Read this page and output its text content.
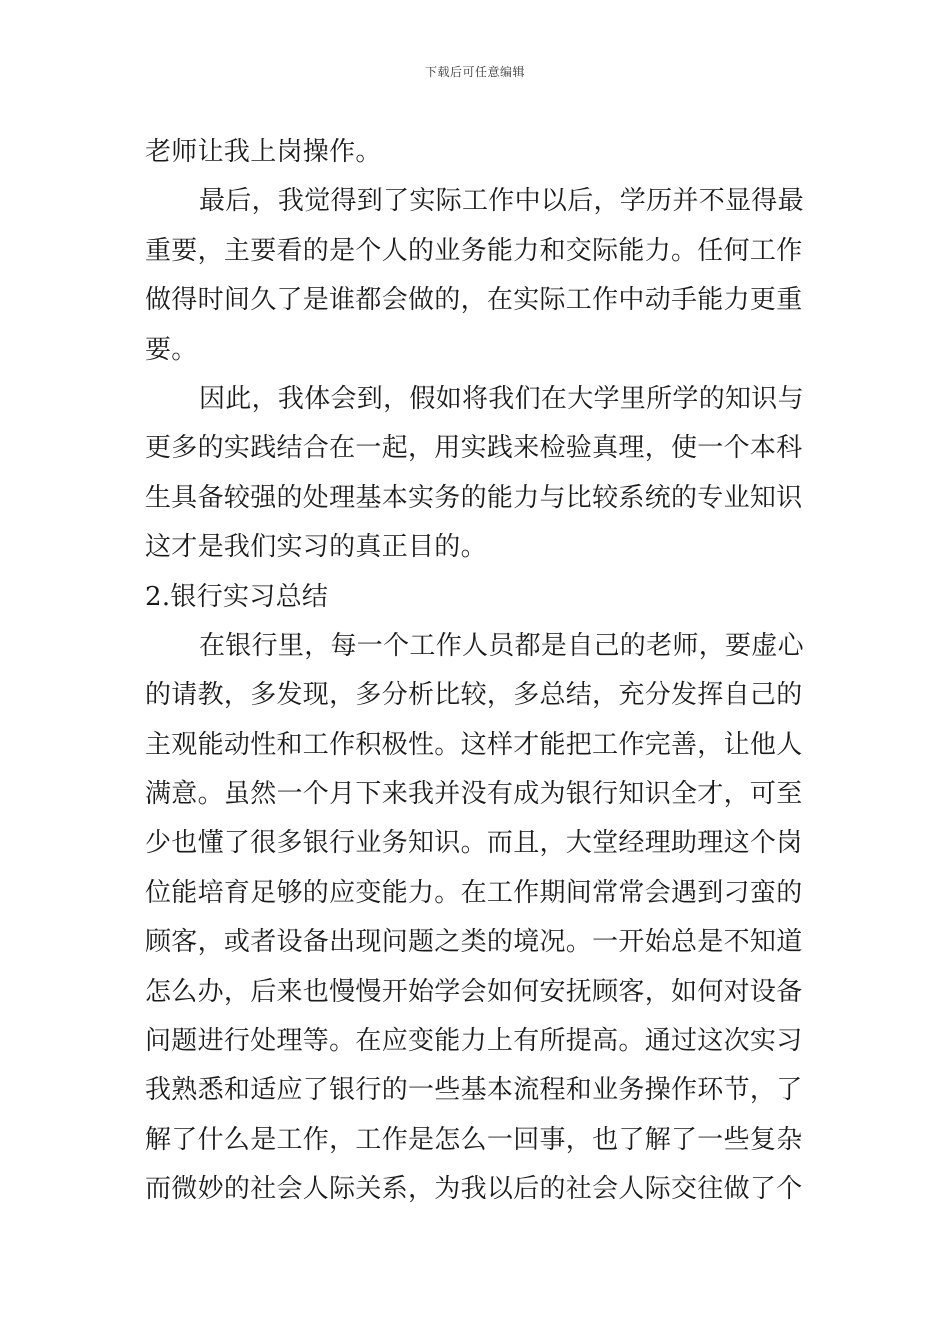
下载后可任意编辑
老师让我上岗操作。
最后，我觉得到了实际工作中以后，学历并不显得最
重要，主要看的是个人的业务能力和交际能力。任何工作
做得时间久了是谁都会做的，在实际工作中动手能力更重
要。
因此，我体会到，假如将我们在大学里所学的知识与
更多的实践结合在一起，用实践来检验真理，使一个本科
生具备较强的处理基本实务的能力与比较系统的专业知识
这才是我们实习的真正目的。
2.银行实习总结
在银行里，每一个工作人员都是自己的老师，要虚心
的请教，多发现，多分析比较，多总结，充分发挥自己的
主观能动性和工作积极性。这样才能把工作完善，让他人
满意。虽然一个月下来我并没有成为银行知识全才，可至
少也懂了很多银行业务知识。而且，大堂经理助理这个岗
位能培育足够的应变能力。在工作期间常常会遇到刁蛮的
顾客，或者设备出现问题之类的境况。一开始总是不知道
怎么办，后来也慢慢开始学会如何安抚顾客，如何对设备
问题进行处理等。在应变能力上有所提高。通过这次实习
我熟悉和适应了银行的一些基本流程和业务操作环节，了
解了什么是工作，工作是怎么一回事，也了解了一些复杂
而微妙的社会人际关系，为我以后的社会人际交往做了个
